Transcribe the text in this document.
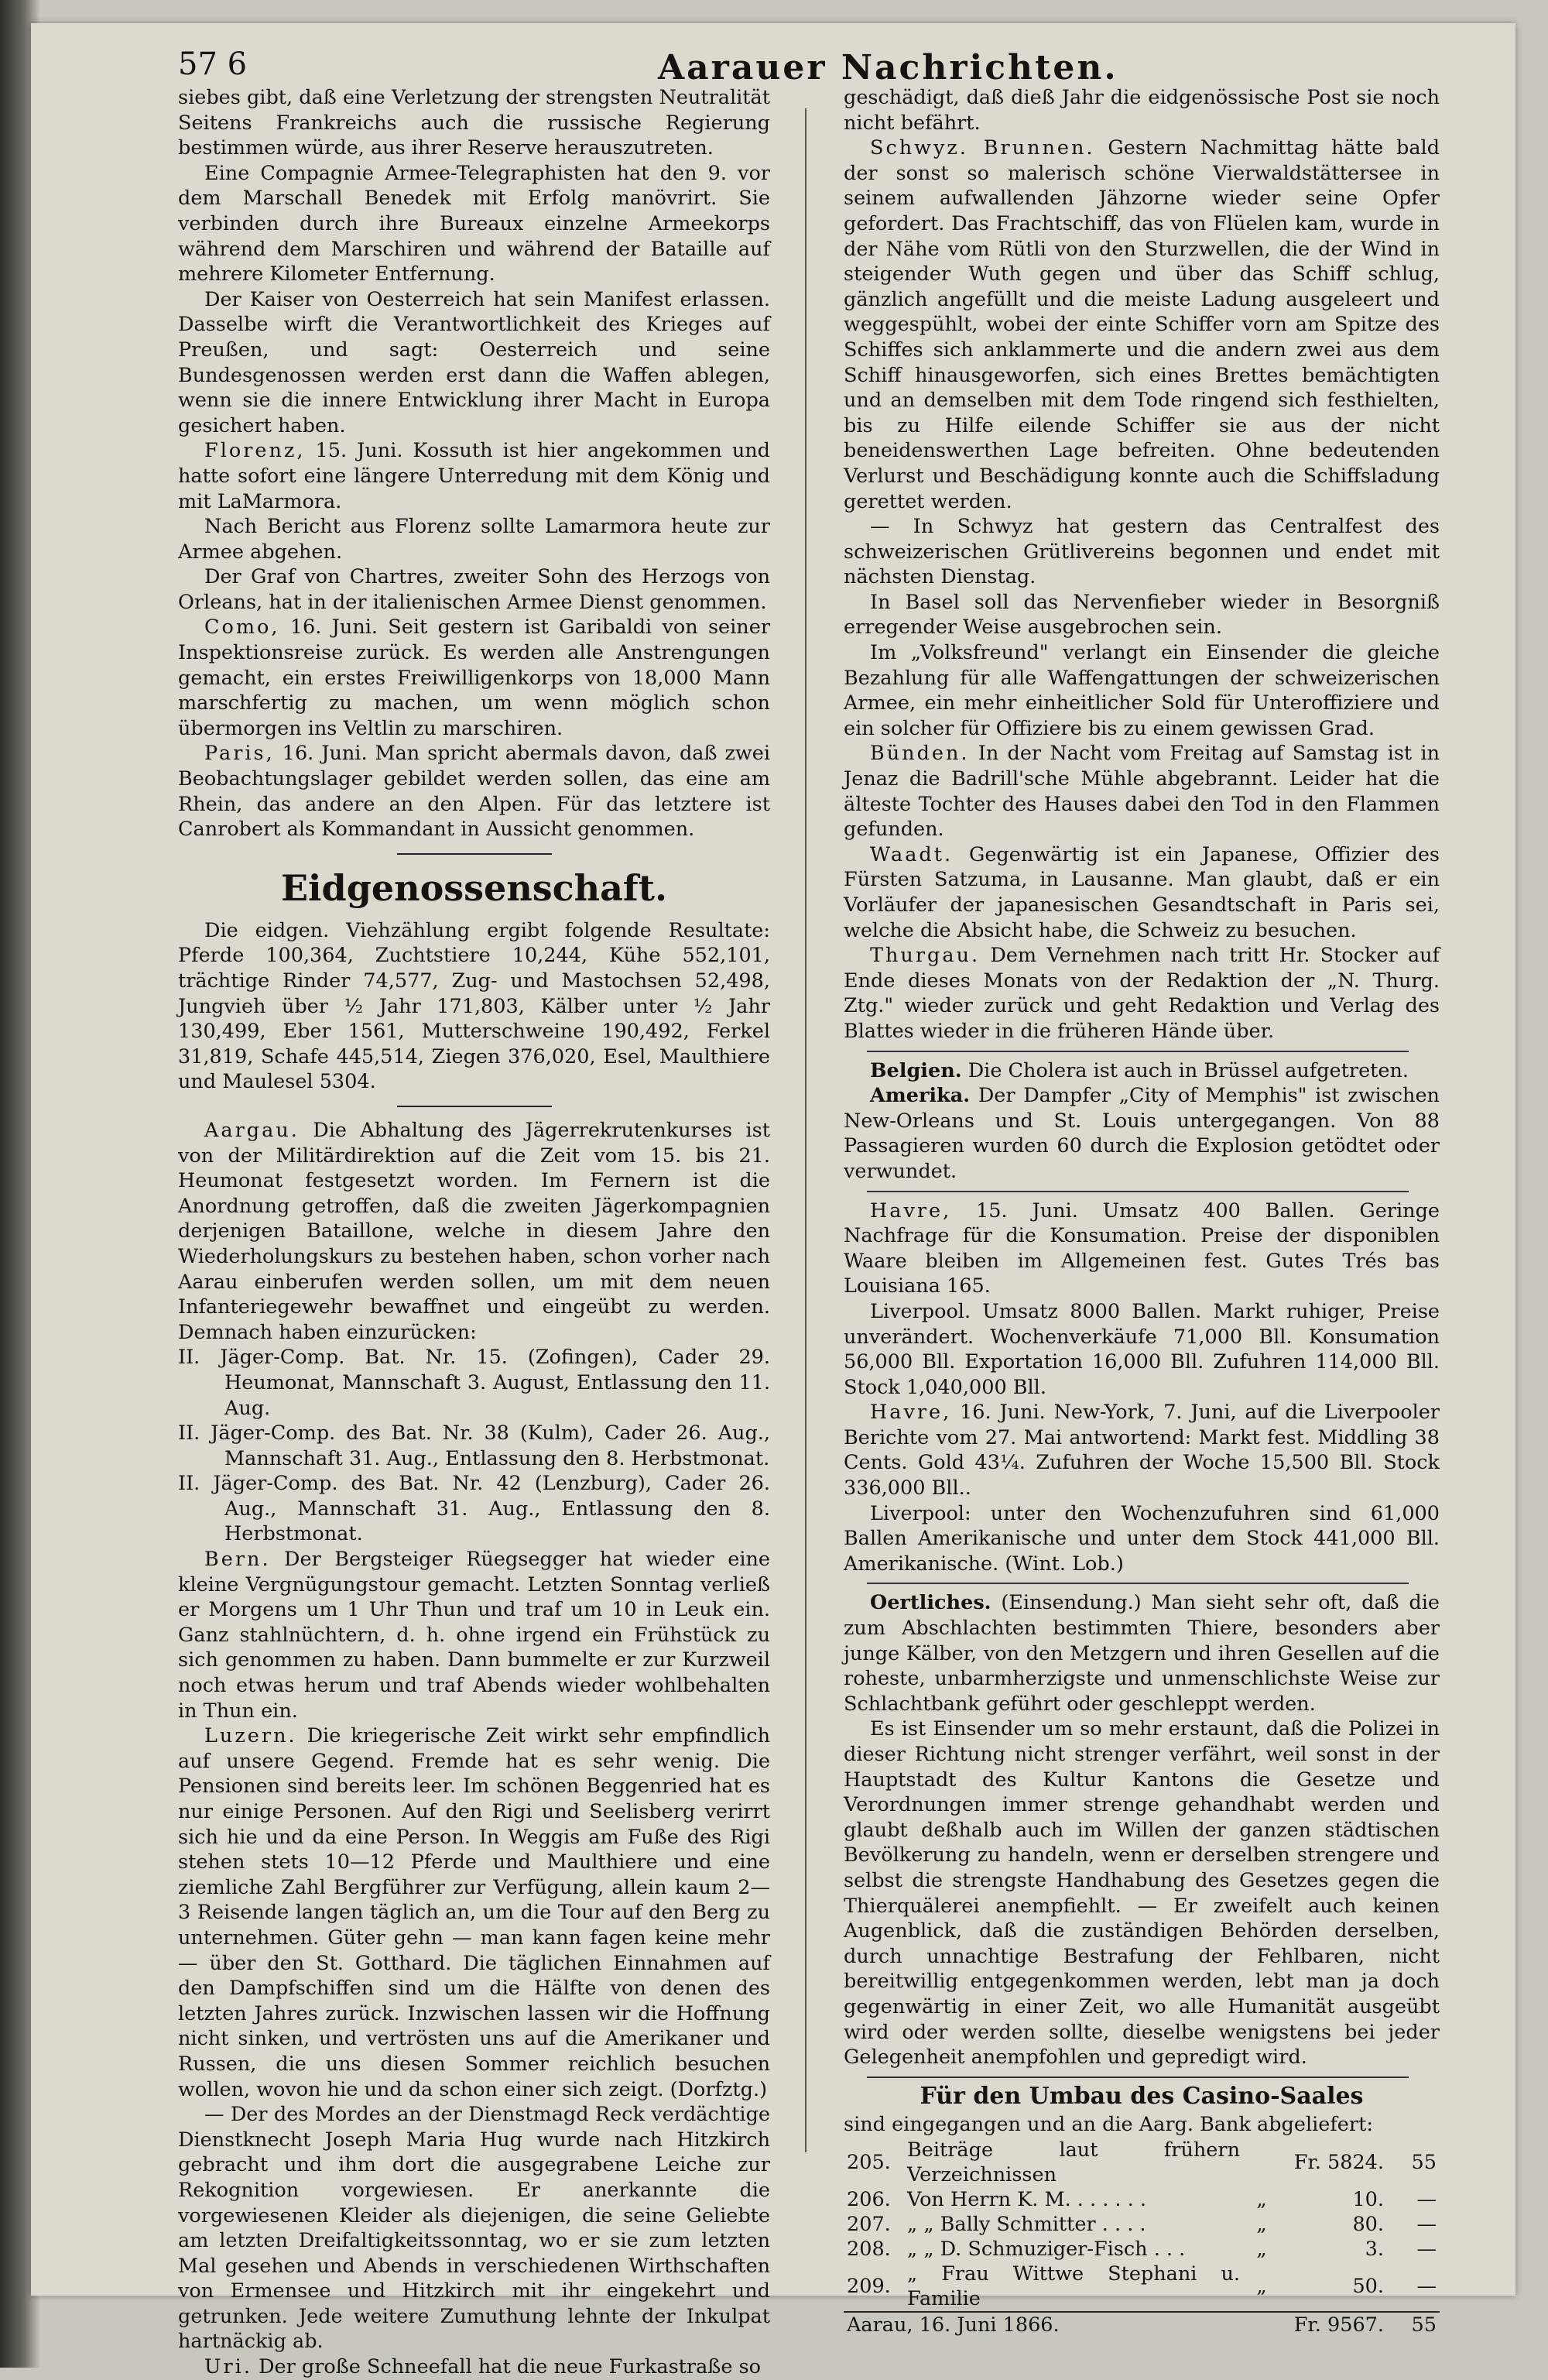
57 6	Aarauer Nachrichten.

siebes gibt, daß eine Verletzung der strengsten Neutralität Seitens Frankreichs auch die russische Regierung bestimmen würde, aus ihrer Reserve herauszutreten.

Eine Compagnie Armee-Telegraphisten hat den 9. vor dem Marschall Benedek mit Erfolg manövrirt. Sie verbinden durch ihre Bureaux einzelne Armeekorps während dem Marschiren und während der Bataille auf mehrere Kilometer Entfernung.

Der Kaiser von Oesterreich hat sein Manifest erlassen. Dasselbe wirft die Verantwortlichkeit des Krieges auf Preußen, und sagt: Oesterreich und seine Bundesgenossen werden erst dann die Waffen ablegen, wenn sie die innere Entwicklung ihrer Macht in Europa gesichert haben.

Florenz, 15. Juni. Kossuth ist hier angekommen und hatte sofort eine längere Unterredung mit dem König und mit LaMarmora.

Nach Bericht aus Florenz sollte Lamarmora heute zur Armee abgehen.

Der Graf von Chartres, zweiter Sohn des Herzogs von Orleans, hat in der italienischen Armee Dienst genommen.

Como, 16. Juni. Seit gestern ist Garibaldi von seiner Inspektionsreise zurück. Es werden alle Anstrengungen gemacht, ein erstes Freiwilligenkorps von 18,000 Mann marschfertig zu machen, um wenn möglich schon übermorgen ins Veltlin zu marschiren.

Paris, 16. Juni. Man spricht abermals davon, daß zwei Beobachtungslager gebildet werden sollen, das eine am Rhein, das andere an den Alpen. Für das letztere ist Canrobert als Kommandant in Aussicht genommen.

Eidgenossenschaft.

Die eidgen. Viehzählung ergibt folgende Resultate: Pferde 100,364, Zuchtstiere 10,244, Kühe 552,101, trächtige Rinder 74,577, Zug- und Mastochsen 52,498, Jungvieh über ½ Jahr 171,803, Kälber unter ½ Jahr 130,499, Eber 1561, Mutterschweine 190,492, Ferkel 31,819, Schafe 445,514, Ziegen 376,020, Esel, Maulthiere und Maulesel 5304.

Aargau. Die Abhaltung des Jägerrekrutenkurses ist von der Militärdirektion auf die Zeit vom 15. bis 21. Heumonat festgesetzt worden. Im Fernern ist die Anordnung getroffen, daß die zweiten Jägerkompagnien derjenigen Bataillone, welche in diesem Jahre den Wiederholungskurs zu bestehen haben, schon vorher nach Aarau einberufen werden sollen, um mit dem neuen Infanteriegewehr bewaffnet und eingeübt zu werden. Demnach haben einzurücken:

II. Jäger-Comp. Bat. Nr. 15. (Zofingen), Cader 29. Heumonat, Mannschaft 3. August, Entlassung den 11. Aug.
II. Jäger-Comp. des Bat. Nr. 38 (Kulm), Cader 26. Aug., Mannschaft 31. Aug., Entlassung den 8. Herbstmonat.
II. Jäger-Comp. des Bat. Nr. 42 (Lenzburg), Cader 26. Aug., Mannschaft 31. Aug., Entlassung den 8. Herbstmonat.

Bern. Der Bergsteiger Rüegsegger hat wieder eine kleine Vergnügungstour gemacht. Letzten Sonntag verließ er Morgens um 1 Uhr Thun und traf um 10 in Leuk ein. Ganz stahlnüchtern, d. h. ohne irgend ein Frühstück zu sich genommen zu haben. Dann bummelte er zur Kurzweil noch etwas herum und traf Abends wieder wohlbehalten in Thun ein.

Luzern. Die kriegerische Zeit wirkt sehr empfindlich auf unsere Gegend. Fremde hat es sehr wenig. Die Pensionen sind bereits leer. Im schönen Beggenried hat es nur einige Personen. Auf den Rigi und Seelisberg verirrt sich hie und da eine Person. In Weggis am Fuße des Rigi stehen stets 10—12 Pferde und Maulthiere und eine ziemliche Zahl Bergführer zur Verfügung, allein kaum 2—3 Reisende langen täglich an, um die Tour auf den Berg zu unternehmen. Güter gehn — man kann fagen keine mehr — über den St. Gotthard. Die täglichen Einnahmen auf den Dampfschiffen sind um die Hälfte von denen des letzten Jahres zurück. Inzwischen lassen wir die Hoffnung nicht sinken, und vertrösten uns auf die Amerikaner und Russen, die uns diesen Sommer reichlich besuchen wollen, wovon hie und da schon einer sich zeigt. (Dorfztg.)

— Der des Mordes an der Dienstmagd Reck verdächtige Dienstknecht Joseph Maria Hug wurde nach Hitzkirch gebracht und ihm dort die ausgegrabene Leiche zur Rekognition vorgewiesen. Er anerkannte die vorgewiesenen Kleider als diejenigen, die seine Geliebte am letzten Dreifaltigkeitssonntag, wo er sie zum letzten Mal gesehen und Abends in verschiedenen Wirthschaften von Ermensee und Hitzkirch mit ihr eingekehrt und getrunken. Jede weitere Zumuthung lehnte der Inkulpat hartnäckig ab.

Uri. Der große Schneefall hat die neue Furkastraße so

geschädigt, daß dieß Jahr die eidgenössische Post sie noch nicht befährt.

Schwyz. Brunnen. Gestern Nachmittag hätte bald der sonst so malerisch schöne Vierwaldstättersee in seinem aufwallenden Jähzorne wieder seine Opfer gefordert. Das Frachtschiff, das von Flüelen kam, wurde in der Nähe vom Rütli von den Sturzwellen, die der Wind in steigender Wuth gegen und über das Schiff schlug, gänzlich angefüllt und die meiste Ladung ausgeleert und weggespühlt, wobei der einte Schiffer vorn am Spitze des Schiffes sich anklammerte und die andern zwei aus dem Schiff hinausgeworfen, sich eines Brettes bemächtigten und an demselben mit dem Tode ringend sich festhielten, bis zu Hilfe eilende Schiffer sie aus der nicht beneidenswerthen Lage befreiten. Ohne bedeutenden Verlurst und Beschädigung konnte auch die Schiffsladung gerettet werden.

— In Schwyz hat gestern das Centralfest des schweizerischen Grütlivereins begonnen und endet mit nächsten Dienstag.

In Basel soll das Nervenfieber wieder in Besorgniß erregender Weise ausgebrochen sein.

Im „Volksfreund" verlangt ein Einsender die gleiche Bezahlung für alle Waffengattungen der schweizerischen Armee, ein mehr einheitlicher Sold für Unteroffiziere und ein solcher für Offiziere bis zu einem gewissen Grad.

Bünden. In der Nacht vom Freitag auf Samstag ist in Jenaz die Badrill'sche Mühle abgebrannt. Leider hat die älteste Tochter des Hauses dabei den Tod in den Flammen gefunden.

Waadt. Gegenwärtig ist ein Japanese, Offizier des Fürsten Satzuma, in Lausanne. Man glaubt, daß er ein Vorläufer der japanesischen Gesandtschaft in Paris sei, welche die Absicht habe, die Schweiz zu besuchen.

Thurgau. Dem Vernehmen nach tritt Hr. Stocker auf Ende dieses Monats von der Redaktion der „N. Thurg. Ztg." wieder zurück und geht Redaktion und Verlag des Blattes wieder in die früheren Hände über.

Belgien. Die Cholera ist auch in Brüssel aufgetreten.

Amerika. Der Dampfer „City of Memphis" ist zwischen New-Orleans und St. Louis untergegangen. Von 88 Passagieren wurden 60 durch die Explosion getödtet oder verwundet.

Havre, 15. Juni. Umsatz 400 Ballen. Geringe Nachfrage für die Konsumation. Preise der disponiblen Waare bleiben im Allgemeinen fest. Gutes Trés bas Louisiana 165.

Liverpool. Umsatz 8000 Ballen. Markt ruhiger, Preise unverändert. Wochenverkäufe 71,000 Bll. Konsumation 56,000 Bll. Exportation 16,000 Bll. Zufuhren 114,000 Bll. Stock 1,040,000 Bll.

Havre, 16. Juni. New-York, 7. Juni, auf die Liverpooler Berichte vom 27. Mai antwortend: Markt fest. Middling 38 Cents. Gold 43¼. Zufuhren der Woche 15,500 Bll. Stock 336,000 Bll..

Liverpool: unter den Wochenzufuhren sind 61,000 Ballen Amerikanische und unter dem Stock 441,000 Bll. Amerikanische. (Wint. Lob.)

Oertliches. (Einsendung.) Man sieht sehr oft, daß die zum Abschlachten bestimmten Thiere, besonders aber junge Kälber, von den Metzgern und ihren Gesellen auf die roheste, unbarmherzigste und unmenschlichste Weise zur Schlachtbank geführt oder geschleppt werden.

Es ist Einsender um so mehr erstaunt, daß die Polizei in dieser Richtung nicht strenger verfährt, weil sonst in der Hauptstadt des Kultur Kantons die Gesetze und Verordnungen immer strenge gehandhabt werden und glaubt deßhalb auch im Willen der ganzen städtischen Bevölkerung zu handeln, wenn er derselben strengere und selbst die strengste Handhabung des Gesetzes gegen die Thierquälerei anempfiehlt. — Er zweifelt auch keinen Augenblick, daß die zuständigen Behörden derselben, durch unnachtige Bestrafung der Fehlbaren, nicht bereitwillig entgegenkommen werden, lebt man ja doch gegenwärtig in einer Zeit, wo alle Humanität ausgeübt wird oder werden sollte, dieselbe wenigstens bei jeder Gelegenheit anempfohlen und gepredigt wird.

Für den Umbau des Casino-Saales

sind eingegangen und an die Aarg. Bank abgeliefert:

205.	Beiträge laut frühern Verzeichnissen		Fr. 5824.	55
206.	Von Herrn K. M. . . . . . .	„	10.	—
207.	„ „ Bally Schmitter . . . .	„	80.	—
208.	„ „ D. Schmuziger-Fisch . . .	„	3.	—
209.	„ Frau Wittwe Stephani u. Familie	„	50.	—
Aarau, 16. Juni 1866.			Fr. 9567.	55
